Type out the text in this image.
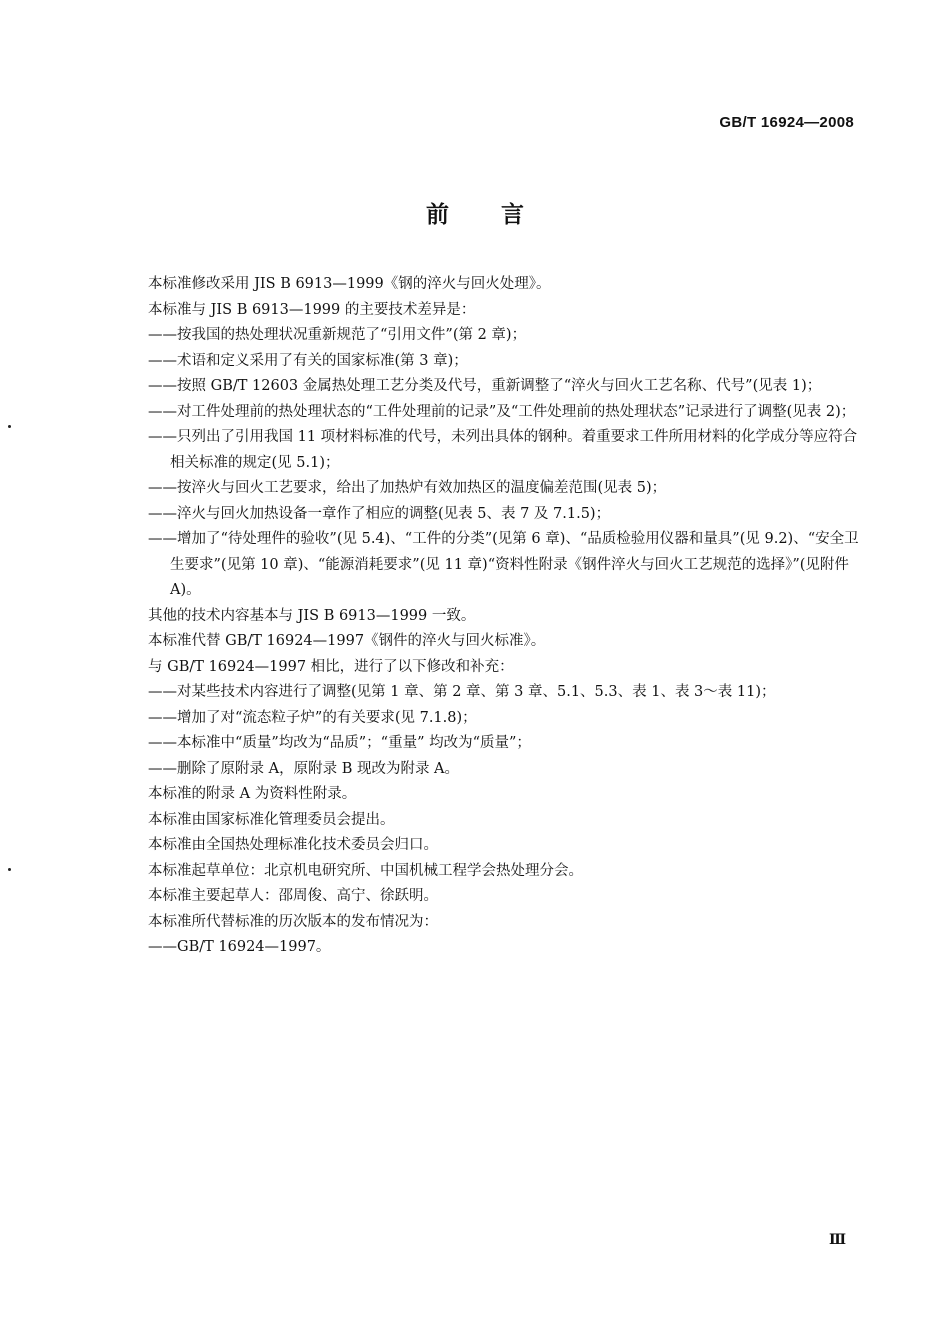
GB/T 16924—2008
前言

本标准修改采用 JIS B 6913—1999《钢的淬火与回火处理》。

本标准与 JIS B 6913—1999 的主要技术差异是：

——按我国的热处理状况重新规范了“引用文件”(第 2 章)；

——术语和定义采用了有关的国家标准(第 3 章)；

——按照 GB/T 12603 金属热处理工艺分类及代号，重新调整了“淬火与回火工艺名称、代号”(见表 1)；

——对工件处理前的热处理状态的“工件处理前的记录”及“工件处理前的热处理状态”记录进行了调整(见表 2)；

——只列出了引用我国 11 项材料标准的代号，未列出具体的钢种。着重要求工件所用材料的化学成分等应符合相关标准的规定(见 5.1)；

——按淬火与回火工艺要求，给出了加热炉有效加热区的温度偏差范围(见表 5)；

——淬火与回火加热设备一章作了相应的调整(见表 5、表 7 及 7.1.5)；

——增加了“待处理件的验收”(见 5.4)、“工件的分类”(见第 6 章)、“品质检验用仪器和量具”(见 9.2)、“安全卫生要求”(见第 10 章)、“能源消耗要求”(见 11 章)“资料性附录《钢件淬火与回火工艺规范的选择》”(见附件 A)。

其他的技术内容基本与 JIS B 6913—1999 一致。

本标准代替 GB/T 16924—1997《钢件的淬火与回火标准》。

与 GB/T 16924—1997 相比，进行了以下修改和补充：

——对某些技术内容进行了调整(见第 1 章、第 2 章、第 3 章、5.1、5.3、表 1、表 3～表 11)；

——增加了对“流态粒子炉”的有关要求(见 7.1.8)；

——本标准中“质量”均改为“品质”；“重量” 均改为“质量”；

——删除了原附录 A，原附录 B 现改为附录 A。

本标准的附录 A 为资料性附录。

本标准由国家标准化管理委员会提出。

本标准由全国热处理标准化技术委员会归口。

本标准起草单位：北京机电研究所、中国机械工程学会热处理分会。

本标准主要起草人：邵周俊、高宁、徐跃明。

本标准所代替标准的历次版本的发布情况为：

——GB/T 16924—1997。

Ⅲ
